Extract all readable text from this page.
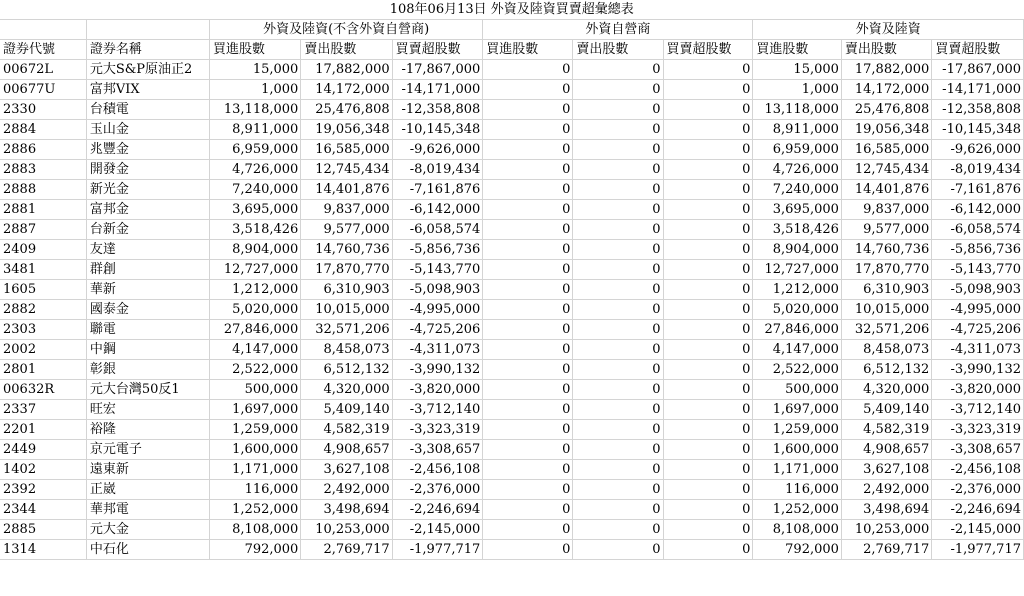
108年06月13日 外資及陸資買賣超彙總表										
		外資及陸資(不含外資自營商)			外資自營商			外資及陸資		
證券代號	證券名稱	買進股數	賣出股數	買賣超股數	買進股數	賣出股數	買賣超股數	買進股數	賣出股數	買賣超股數
00672L	元大S&P原油正2	15,000	17,882,000	-17,867,000	0	0	0	15,000	17,882,000	-17,867,000
00677U	富邦VIX	1,000	14,172,000	-14,171,000	0	0	0	1,000	14,172,000	-14,171,000
2330	台積電	13,118,000	25,476,808	-12,358,808	0	0	0	13,118,000	25,476,808	-12,358,808
2884	玉山金	8,911,000	19,056,348	-10,145,348	0	0	0	8,911,000	19,056,348	-10,145,348
2886	兆豐金	6,959,000	16,585,000	-9,626,000	0	0	0	6,959,000	16,585,000	-9,626,000
2883	開發金	4,726,000	12,745,434	-8,019,434	0	0	0	4,726,000	12,745,434	-8,019,434
2888	新光金	7,240,000	14,401,876	-7,161,876	0	0	0	7,240,000	14,401,876	-7,161,876
2881	富邦金	3,695,000	9,837,000	-6,142,000	0	0	0	3,695,000	9,837,000	-6,142,000
2887	台新金	3,518,426	9,577,000	-6,058,574	0	0	0	3,518,426	9,577,000	-6,058,574
2409	友達	8,904,000	14,760,736	-5,856,736	0	0	0	8,904,000	14,760,736	-5,856,736
3481	群創	12,727,000	17,870,770	-5,143,770	0	0	0	12,727,000	17,870,770	-5,143,770
1605	華新	1,212,000	6,310,903	-5,098,903	0	0	0	1,212,000	6,310,903	-5,098,903
2882	國泰金	5,020,000	10,015,000	-4,995,000	0	0	0	5,020,000	10,015,000	-4,995,000
2303	聯電	27,846,000	32,571,206	-4,725,206	0	0	0	27,846,000	32,571,206	-4,725,206
2002	中鋼	4,147,000	8,458,073	-4,311,073	0	0	0	4,147,000	8,458,073	-4,311,073
2801	彰銀	2,522,000	6,512,132	-3,990,132	0	0	0	2,522,000	6,512,132	-3,990,132
00632R	元大台灣50反1	500,000	4,320,000	-3,820,000	0	0	0	500,000	4,320,000	-3,820,000
2337	旺宏	1,697,000	5,409,140	-3,712,140	0	0	0	1,697,000	5,409,140	-3,712,140
2201	裕隆	1,259,000	4,582,319	-3,323,319	0	0	0	1,259,000	4,582,319	-3,323,319
2449	京元電子	1,600,000	4,908,657	-3,308,657	0	0	0	1,600,000	4,908,657	-3,308,657
1402	遠東新	1,171,000	3,627,108	-2,456,108	0	0	0	1,171,000	3,627,108	-2,456,108
2392	正崴	116,000	2,492,000	-2,376,000	0	0	0	116,000	2,492,000	-2,376,000
2344	華邦電	1,252,000	3,498,694	-2,246,694	0	0	0	1,252,000	3,498,694	-2,246,694
2885	元大金	8,108,000	10,253,000	-2,145,000	0	0	0	8,108,000	10,253,000	-2,145,000
1314	中石化	792,000	2,769,717	-1,977,717	0	0	0	792,000	2,769,717	-1,977,717
